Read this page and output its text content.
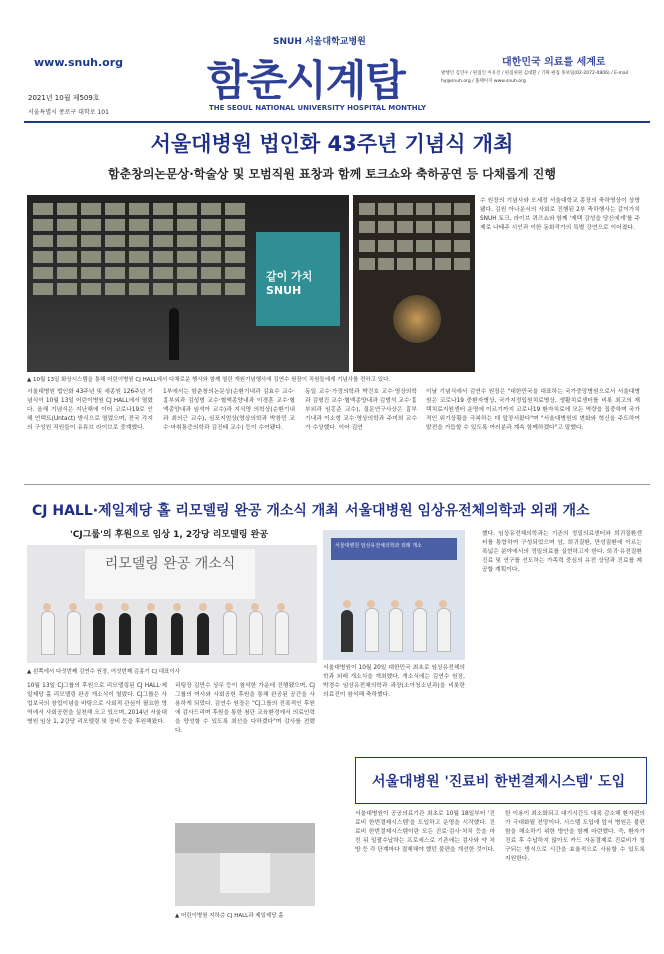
www.snuh.org
2021년 10월 제509호
서울특별시 종로구 대학로 101
SNUH 서울대학교병원
함춘시계탑
THE SEOUL NATIONAL UNIVERSITY HOSPITAL MONTHLY
대한민국 의료를 세계로
발행인 김연수 / 편집인 이유진 / 편집위원 김대환 / 기획·편집 홍보팀(02-2072-0806) / E-mail hy@snuh.org / 홈페이지 www.snuh.org
서울대병원 법인화 43주년 기념식 개최
함춘창의논문상·학술상 및 모범직원 표창과 함께 토크쇼와 축하공연 등 다채롭게 진행
같이 가치 SNUH
▲ 10월 13일 화상시스템을 통해 어린이병원 CJ HALL에서 다채로운 행사와 함께 열린 개원기념행사에 김연수 원장이 직원들에게 기념사를 전하고 있다.
서울대병원 법인화 43주년 및 세종원 126주년 기념식이 10월 13일 어린이병원 CJ HALL에서 열렸다. 올해 기념식은 지난해에 이어 코로나19로 인해 언택트(Untact) 방식으로 열렸으며, 전국 각지의 구성원 직원들이 유튜브 라이브로 중계했다.
1부에서는 함춘창의논문상(순환기내과 김효수 교수·흉부외과 김성범 교수·혈액종양내과 이경훈 교수·혈액종양내과 임석아 교수)과 지식영 의학상(순환기내과 최의근 교수), 심포지엄상(영상의학과 박창민 교수·마취통증의학과 김진태 교수) 등이 수여됐다.
동일 교수·가정의학과 박진호 교수·영상의학과 김형진 교수·혈액종양내과 김범석 교수·흉부외과 임홍준 교수), 질문연구사상은 흉부기내과 이소형 교수·영상의학과 주미희 교수가 수상했다. 이어 김연
수 원장의 기념사와 오세정 서울대학교 총장의 축하영상이 상영됐다. 김원 아나운서의 사회로 진행된 2부 축하행사는 같이가치 SNUH 토크, 라이브 퀴즈쇼와 함께 '재택 감성을 당신에게'를 주제로 나태주 시인과 이한 동화작가의 특별 강연으로 이어졌다.
이날 기념식에서 김연수 원장은 "대한민국을 대표하는 국가중앙병원으로서 서울대병원은 코로나19 중환자병상, 국가지정입원치료병상, 생활치료센터를 비롯 최고의 재택치료지원센터 운영에 이르기까지 코로나19 환자치료에 모든 역량을 집중하며 국가적인 위기상황을 극복하는 데 앞장서왔다"며 "서울대병원의 변화와 혁신을 주도하여 발전을 거듭할 수 있도록 여러분과 계속 함께하겠다"고 말했다.
CJ HALL·제일제당 홀 리모델링 완공 개소식 개최
'CJ그룹'의 후원으로 임상 1, 2강당 리모델링 완공
리모델링 완공 개소식
▲ 왼쪽에서 다섯번째 김연수 원장, 여섯번째 김홍기 CJ 대표이사
10월 13일 CJ그룹의 후원으로 리모델링된 CJ HALL·제일제당 홀 리모델링 완공 개소식이 열렸다. CJ그룹은 사업보국의 창업이념을 바탕으로 사회적 관심이 필요한 영역에서 사회공헌을 실천해 오고 있으며, 2014년 서울대병원 임상 1, 2강당 리모델링 및 장비 등을 후원해왔다.
리팅장 김만수 상무 등이 참석한 가운데 진행됐으며, CJ그룹의 여사와 사회공헌 후원을 통해 완공된 공간을 사용하게 되었다. 김연수 원장은 "CJ그룹의 전폭적인 후원에 감사드리며 후원을 통한 첨단 교육환경에서 의료인력을 양성할 수 있도록 최선을 다하겠다"며 감사를 전했다.
▲ 어린이병원 지하층 CJ HALL과 제일제당 홀
서울대병원 임상유전체의학과 외래 개소
서울대병원 임상유전체의학과 외래 개소
서울대병원이 10월 20일 대한민국 최초로 임상유전체의학과 외래 개소식을 개최했다. 개소식에는 김연수 원장, 박경수 임상유전체의학과 과장(소아청소년과)을 비롯한 의료진이 참석해 축하했다.
했다. 임상유전체의학과는 기존의 정밀의료센터와 희귀질환센터를 통합하여 구성되었으며 암, 희귀질환, 만성질환에 이르는 폭넓은 분야에서의 정밀의료를 실현하고자 한다. 희귀·유전질환 진료 및 연구를 선도하는 가족력 중심의 유전 상담과 진료를 제공할 계획이다.
서울대병원 '진료비 한번결제시스템' 도입
서울대병원이 공공의료기관 최초로 10월 18일부터 '진료비 한번결제시스템'을 도입하고 운영을 시작했다. 진료비 한번결제시스템이란 모든 진료·검사·처치 등을 마친 뒤 일괄수납하는 프로세스로 기존에는 검사와 약 처방 등 각 단계마다 결제해야 했던 불편을 개선한 것이다.
한 이용이 최소화되고 대기시간도 대폭 감소해 환자편의가 극대화될 전망이다. 시스템 도입에 앞서 병원은 불편함을 해소하기 위한 방안을 함께 마련했다. 즉, 환자가 진료 후 수납하지 않아도 카드 자동결제로 진료비가 청구되는 방식으로 시간을 효율적으로 사용할 수 있도록 지원한다.
